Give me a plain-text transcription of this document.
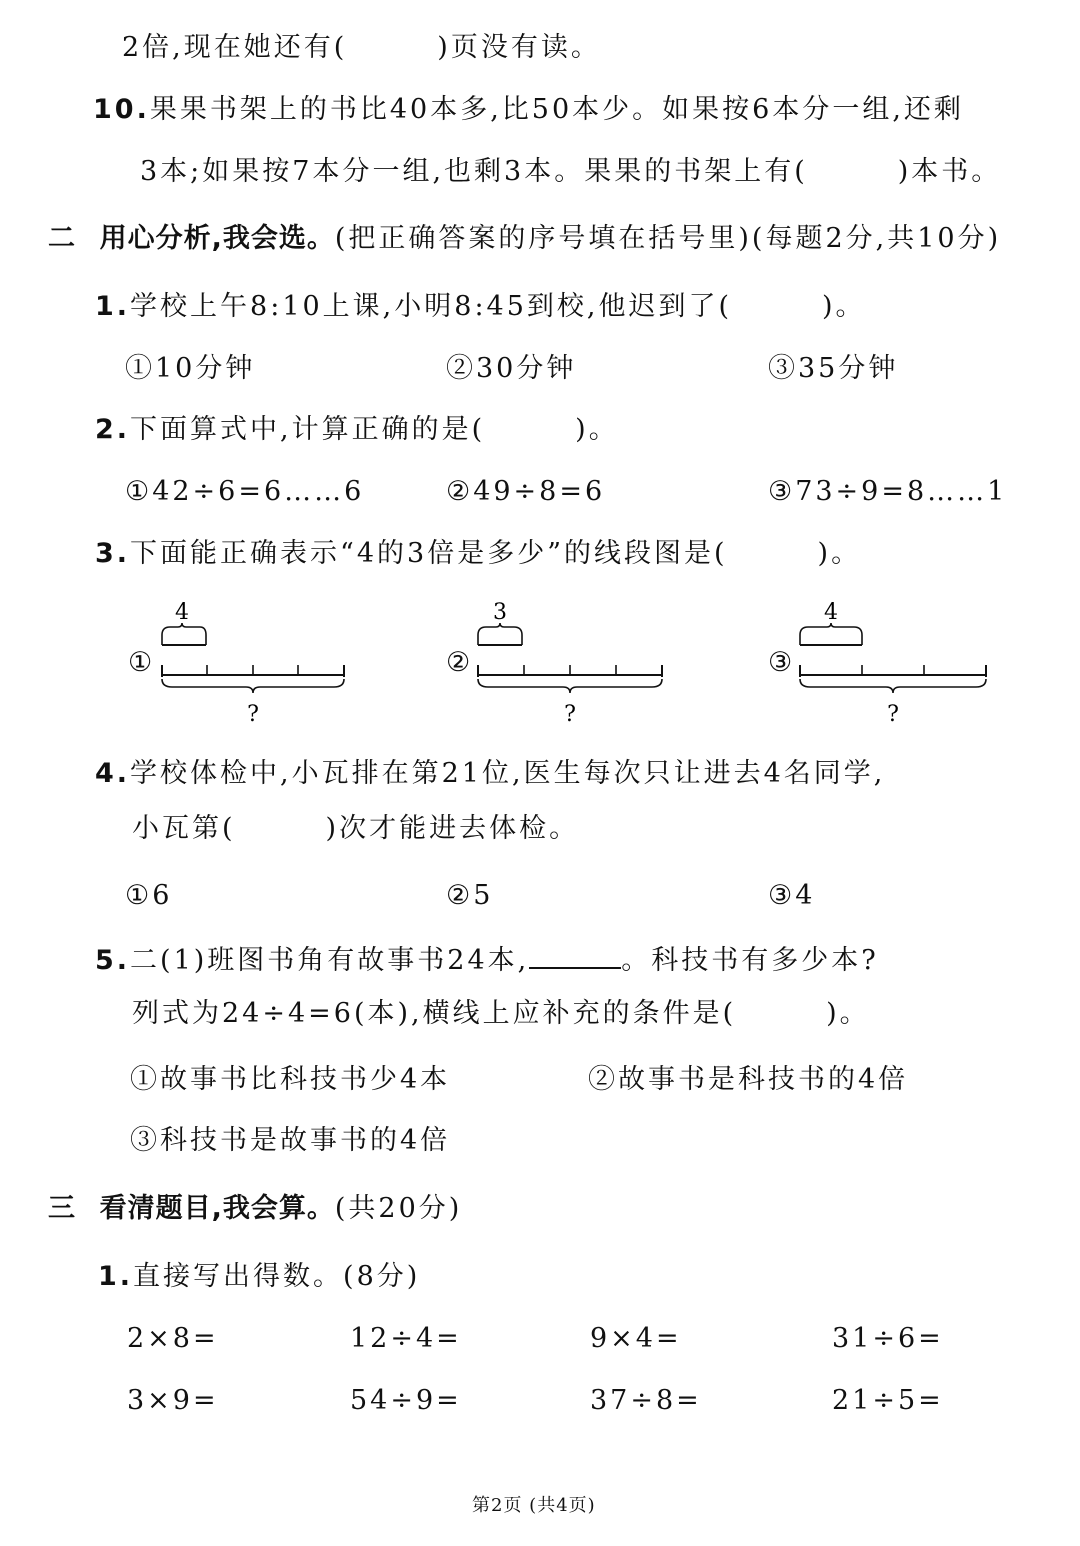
2倍,现在她还有(　　　)页没有读。
10.果果书架上的书比40本多,比50本少。如果按6本分一组,还剩
3本;如果按7本分一组,也剩3本。果果的书架上有(　　　)本书。
二 用心分析,我会选。(把正确答案的序号填在括号里)(每题2分,共10分)
1.学校上午8:10上课,小明8:45到校,他迟到了(　　　)。
①10分钟	②30分钟	③35分钟
2.下面算式中,计算正确的是(　　　)。
①42÷6=6……6	②49÷8=6	③73÷9=8……1
3.下面能正确表示“4的3倍是多少”的线段图是(　　　)。
①	②	③
4
?
3
?
4
?
4.学校体检中,小瓦排在第21位,医生每次只让进去4名同学,
小瓦第(　　　)次才能进去体检。
①6	②5	③4
5.二(1)班图书角有故事书24本,	。科技书有多少本?
列式为24÷4=6(本),横线上应补充的条件是(　　　)。
①故事书比科技书少4本	②故事书是科技书的4倍
③科技书是故事书的4倍
三 看清题目,我会算。(共20分)
1.直接写出得数。(8分)
2×8=	12÷4=	9×4=	31÷6=
3×9=	54÷9=	37÷8=	21÷5=
第2页 (共4页)
